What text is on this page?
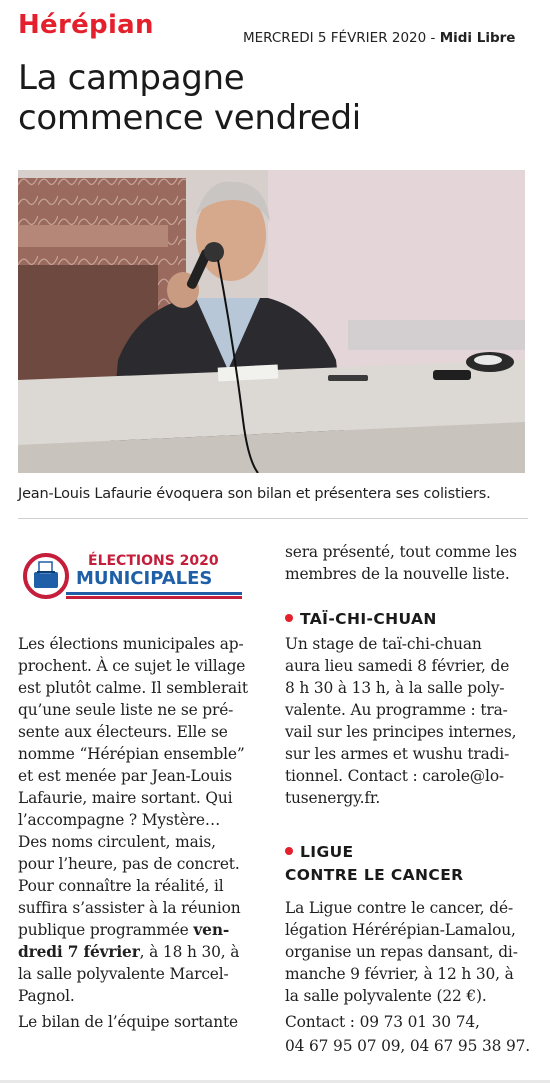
Hérépian	MERCREDI 5 FÉVRIER 2020 - Midi Libre
La campagne
commence vendredi
Jean-Louis Lafaurie évoquera son bilan et présentera ses colistiers.
ÉLECTIONS 2020
MUNICIPALES
Les élections municipales ap-
prochent. À ce sujet le village
est plutôt calme. Il semblerait
qu’une seule liste ne se pré-
sente aux électeurs. Elle se
nomme “Hérépian ensemble”
et est menée par Jean-Louis
Lafaurie, maire sortant. Qui
l’accompagne ? Mystère…
Des noms circulent, mais,
pour l’heure, pas de concret.
Pour connaître la réalité, il
suffira s’assister à la réunion
publique programmée ven-
dredi 7 février, à 18 h 30, à
la salle polyvalente Marcel-
Pagnol.
Le bilan de l’équipe sortante
sera présenté, tout comme les
membres de la nouvelle liste.
TAÏ-CHI-CHUAN
Un stage de taï-chi-chuan
aura lieu samedi 8 février, de
8 h 30 à 13 h, à la salle poly-
valente. Au programme : tra-
vail sur les principes internes,
sur les armes et wushu tradi-
tionnel. Contact : carole@lo-
tusenergy.fr.
LIGUE
CONTRE LE CANCER
La Ligue contre le cancer, dé-
légation Hérérépian-Lamalou,
organise un repas dansant, di-
manche 9 février, à 12 h 30, à
la salle polyvalente (22 €).
Contact : 09 73 01 30 74,
04 67 95 07 09, 04 67 95 38 97.
